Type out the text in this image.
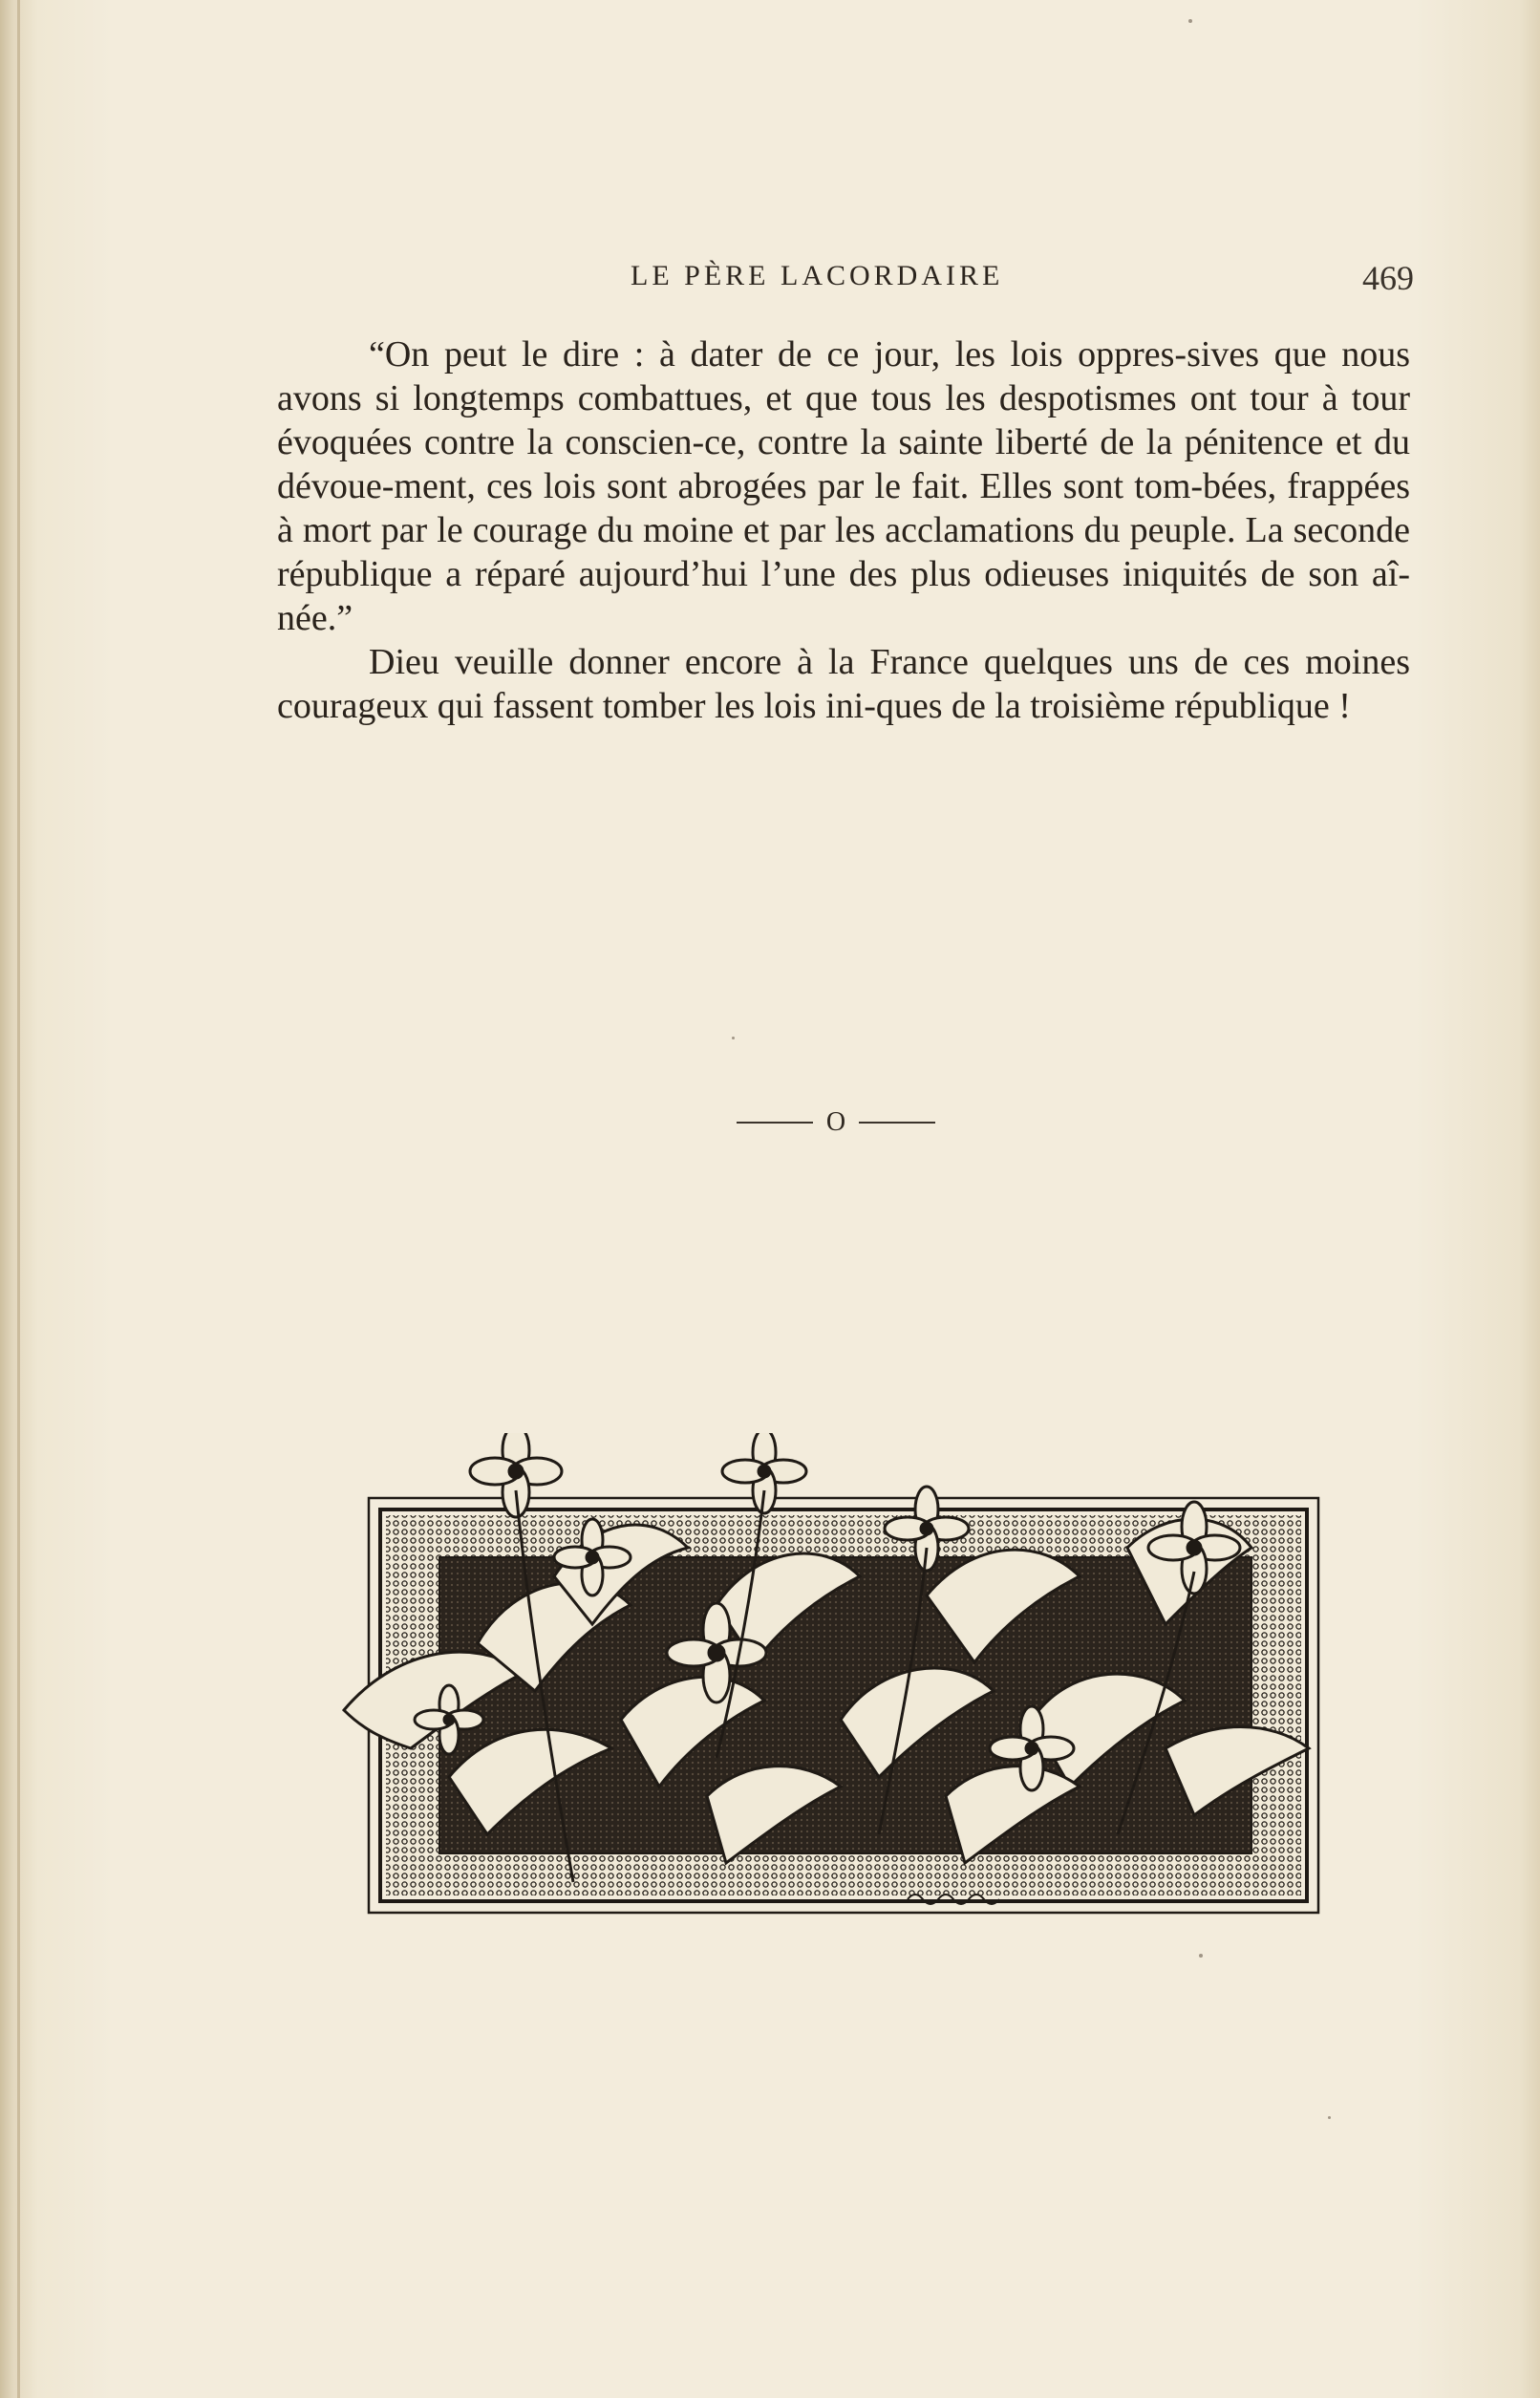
LE PÈRE LACORDAIRE	469

“On peut le dire : à dater de ce jour, les lois oppres-sives que nous avons si longtemps combattues, et que tous les despotismes ont tour à tour évoquées contre la conscien-ce, contre la sainte liberté de la pénitence et du dévoue-ment, ces lois sont abrogées par le fait. Elles sont tom-bées, frappées à mort par le courage du moine et par les acclamations du peuple. La seconde république a réparé aujourd’hui l’une des plus odieuses iniquités de son aî-née.”

Dieu veuille donner encore à la France quelques uns de ces moines courageux qui fassent tomber les lois ini-ques de la troisième république !

O
